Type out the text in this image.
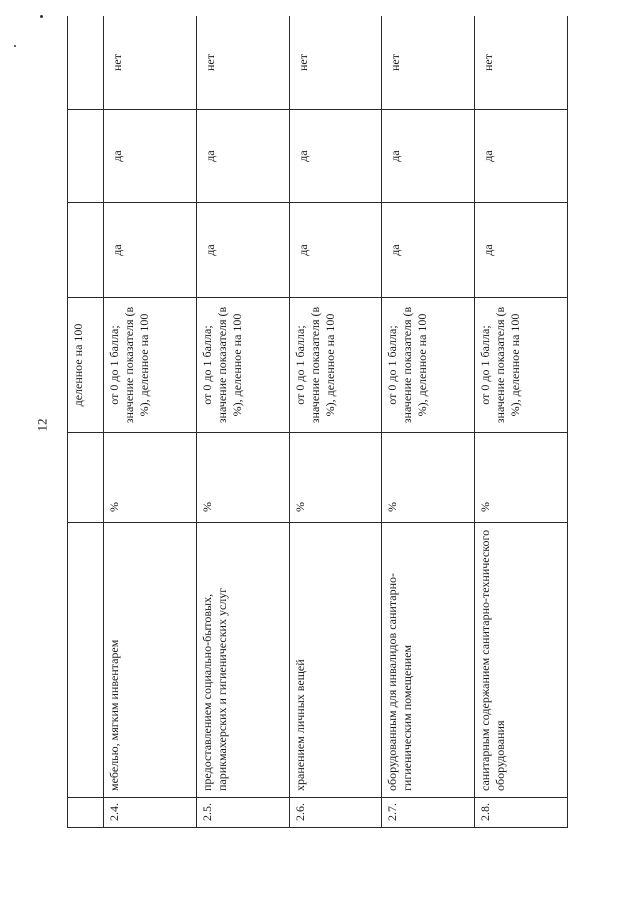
12
			деленное на 100			
2.4.	мебелью, мягким инвентарем	%	от 0 до 1 балла; значение показателя (в %), деленное на 100	да	да	нет
2.5.	предоставлением социально-бытовых, парикмахерских и гигиенических услуг	%	от 0 до 1 балла; значение показателя (в %), деленное на 100	да	да	нет
2.6.	хранением личных вещей	%	от 0 до 1 балла; значение показателя (в %), деленное на 100	да	да	нет
2.7.	оборудованным для инвалидов санитарно-гигиеническим помещением	%	от 0 до 1 балла; значение показателя (в %), деленное на 100	да	да	нет
2.8.	санитарным содержанием санитарно-технического оборудования	%	от 0 до 1 балла; значение показателя (в %), деленное на 100	да	да	нет
